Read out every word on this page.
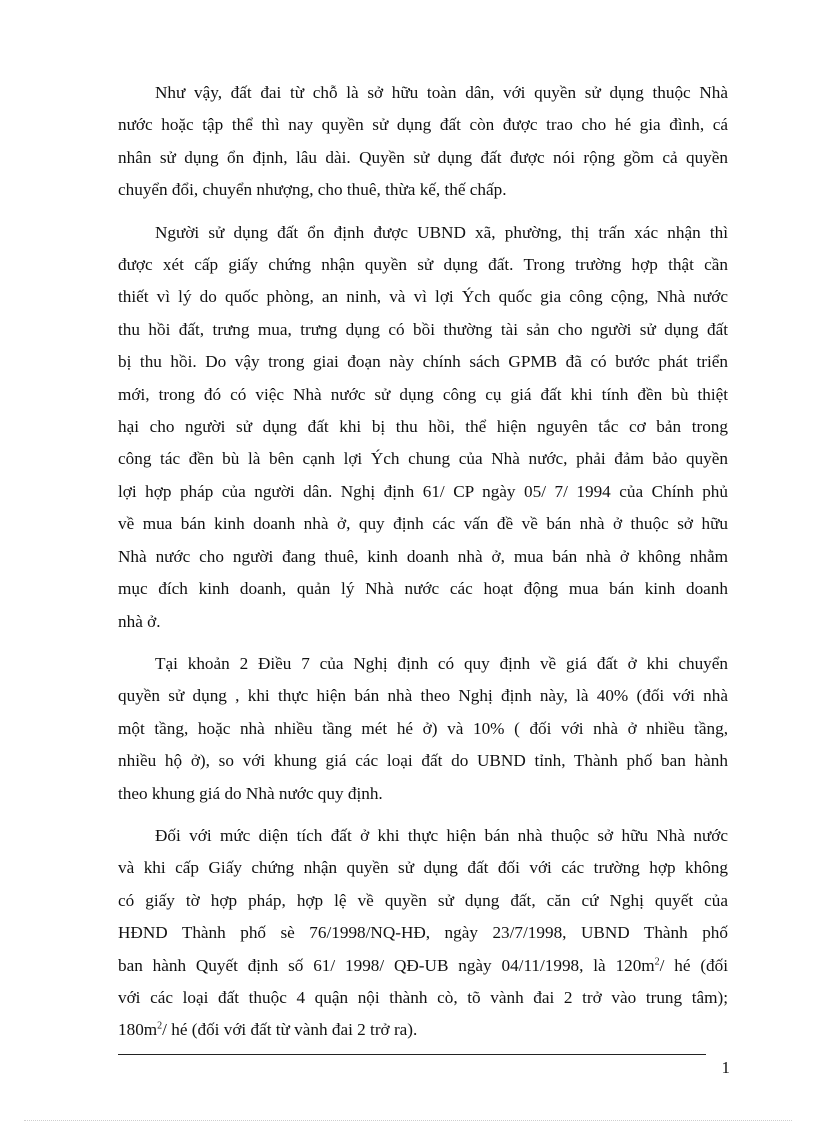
Như vậy, đất đai từ chỗ là sở hữu toàn dân, với quyền sử dụng thuộc Nhà
nước hoặc tập thể thì nay quyền sử dụng đất còn được trao cho hé gia đình, cá
nhân sử dụng ổn định, lâu dài. Quyền sử dụng đất được nói rộng gồm cả quyền
chuyển đổi, chuyển nhượng, cho thuê, thừa kế, thế chấp.

Người sử dụng đất ổn định được UBND xã, phường, thị trấn xác nhận thì
được xét cấp giấy chứng nhận quyền sử dụng đất. Trong trường hợp thật cần
thiết vì lý do quốc phòng, an ninh, và vì lợi Ých quốc gia công cộng, Nhà nước
thu hồi đất, trưng mua, trưng dụng có bồi thường tài sản cho người sử dụng đất
bị thu hồi. Do vậy trong giai đoạn này chính sách GPMB đã có bước phát triển
mới, trong đó có việc Nhà nước sử dụng công cụ giá đất khi tính đền bù thiệt
hại cho người sử dụng đất khi bị thu hồi, thể hiện nguyên tắc cơ bản trong
công tác đền bù là bên cạnh lợi Ých chung của Nhà nước, phải đảm bảo quyền
lợi hợp pháp của người dân. Nghị định 61/ CP ngày 05/ 7/ 1994 của Chính phủ
về mua bán kinh doanh nhà ở, quy định các vấn đề về bán nhà ở thuộc sở hữu
Nhà nước cho người đang thuê, kinh doanh nhà ở, mua bán nhà ở không nhằm
mục đích kinh doanh, quản lý Nhà nước các hoạt động mua bán kinh doanh
nhà ở.

Tại khoản 2 Điều 7 của Nghị định có quy định về giá đất ở khi chuyển
quyền sử dụng , khi thực hiện bán nhà theo Nghị định này, là 40% (đối với nhà
một tầng, hoặc nhà nhiều tầng mét hé ở) và 10% ( đối với nhà ở nhiều tầng,
nhiều hộ ở), so với khung giá các loại đất do UBND tỉnh, Thành phố ban hành
theo khung giá do Nhà nước quy định.

Đối với mức diện tích đất ở khi thực hiện bán nhà thuộc sở hữu Nhà nước
và khi cấp Giấy chứng nhận quyền sử dụng đất đối với các trường hợp không
có giấy tờ hợp pháp, hợp lệ về quyền sử dụng đất, căn cứ Nghị quyết của
HĐND Thành phố sè 76/1998/NQ-HĐ, ngày 23/7/1998, UBND Thành phố
ban hành Quyết định số 61/ 1998/ QĐ-UB ngày 04/11/1998, là $120m^2/$ hé (đối
với các loại đất thuộc 4 quận nội thành cò, tõ vành đai 2 trở vào trung tâm);
$180m^2/$ hé (đối với đất từ vành đai 2 trở ra).

1
